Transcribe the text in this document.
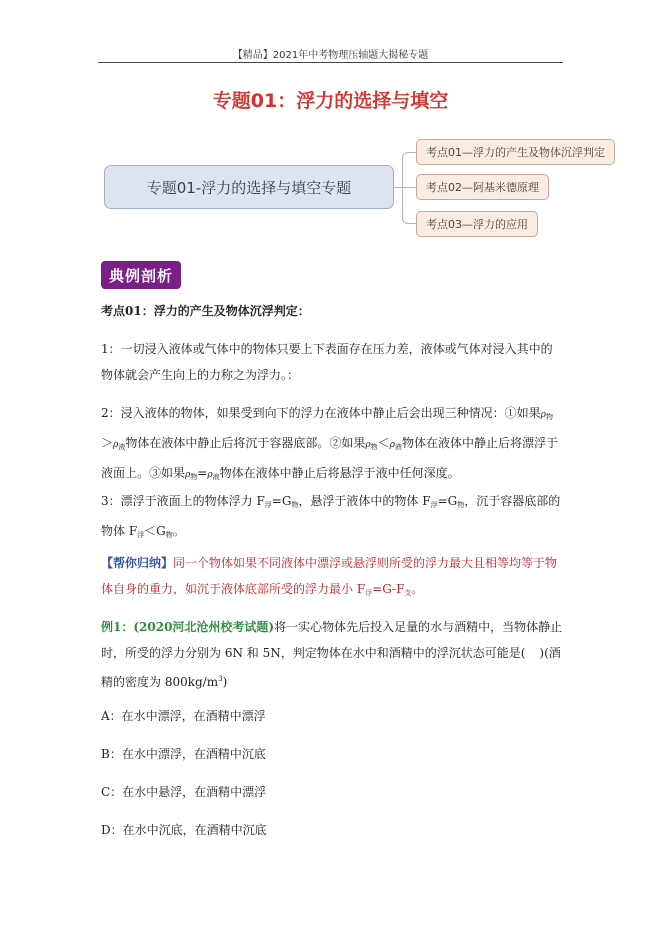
【精品】2021年中考物理压轴题大揭秘专题
专题01：浮力的选择与填空
专题01-浮力的选择与填空专题
考点01—浮力的产生及物体沉浮判定
考点02—阿基米德原理
考点03—浮力的应用
典例剖析
考点01：浮力的产生及物体沉浮判定：
1：一切浸入液体或气体中的物体只要上下表面存在压力差，液体或气体对浸入其中的物体就会产生向上的力称之为浮力。：
2：浸入液体的物体，如果受到向下的浮力在液体中静止后会出现三种情况：①如果$\rho_物>\rho_液$物体在液体中静止后将沉于容器底部。②如果$\rho_物<\rho_液$物体在液体中静止后将漂浮于液面上。③如果$\rho_物=\rho_液$物体在液体中静止后将悬浮于液中任何深度。
3：漂浮于液面上的物体浮力 $F_浮=G_物$，悬浮于液体中的物体 $F_浮=G_物$，沉于容器底部的物体 $F_浮<G_物$。
【帮你归纳】同一个物体如果不同液体中漂浮或悬浮则所受的浮力最大且相等均等于物体自身的重力，如沉于液体底部所受的浮力最小 $F_浮=G-F_支$。
例1：(2020河北沧州校考试题)将一实心物体先后投入足量的水与酒精中，当物体静止时，所受的浮力分别为 6N 和 5N，判定物体在水中和酒精中的浮沉状态可能是( )(酒精的密度为 $800kg/m^3$)
A：在水中漂浮，在酒精中漂浮
B：在水中漂浮，在酒精中沉底
C：在水中悬浮，在酒精中漂浮
D：在水中沉底，在酒精中沉底
